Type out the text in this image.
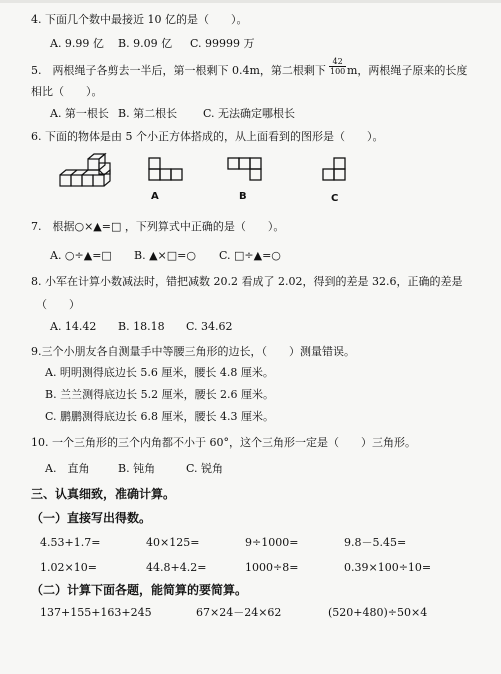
4. 下面几个数中最接近 10 亿的是（　　）。
A. 9.99 亿 B. 9.09 亿 C. 99999 万
5.　两根绳子各剪去一半后，第一根剩下 0.4m，第二根剩下 $\frac{42}{100}$ m，两根绳子原来的长度
相比（　　）。
A. 第一根长 B. 第二根长 C. 无法确定哪根长
6. 下面的物体是由 5 个小正方体搭成的，从上面看到的图形是（　　）。
A	B	C
7.　根据○×▲=□ ，下列算式中正确的是（　　）。
A. ○÷▲=□ B. ▲×□=○ C. □÷▲=○
8. 小军在计算小数减法时，错把减数 20.2 看成了 2.02，得到的差是 32.6，正确的差是
（　　）
A. 14.42 B. 18.18 C. 34.62
9.三个小朋友各自测量手中等腰三角形的边长，（　　）测量错误。
A. 明明测得底边长 5.6 厘米，腰长 4.8 厘米。
B. 兰兰测得底边长 5.2 厘米，腰长 2.6 厘米。
C. 鹏鹏测得底边长 6.8 厘米，腰长 4.3 厘米。
10. 一个三角形的三个内角都不小于 60°，这个三角形一定是（　　）三角形。
A.　直角	B. 钝角	C. 锐角
三、认真细致，准确计算。
（一）直接写出得数。
4.53+1.7=	40×125=	9÷1000=	9.8－5.45=
1.02×10=	44.8+4.2=	1000÷8=	0.39×100÷10=
（二）计算下面各题，能简算的要简算。
137+155+163+245	67×24－24×62	(520+480)÷50×4
